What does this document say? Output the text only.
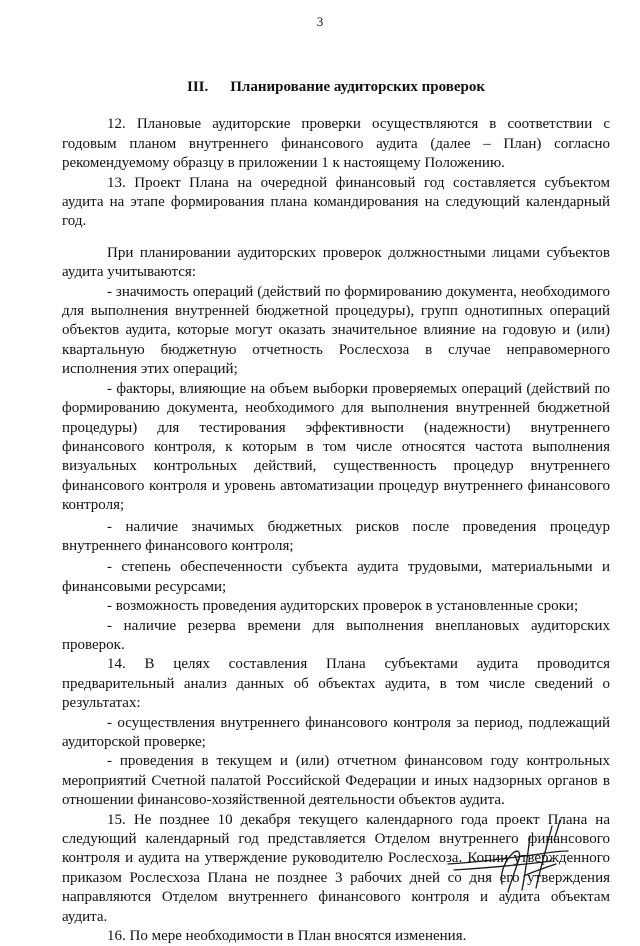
3
III. Планирование аудиторских проверок

12. Плановые аудиторские проверки осуществляются в соответствии с годовым планом внутреннего финансового аудита (далее – План) согласно рекомендуемому образцу в приложении 1 к настоящему Положению.

13. Проект Плана на очередной финансовый год составляется субъектом аудита на этапе формирования плана командирования на следующий календарный год.

При планировании аудиторских проверок должностными лицами субъектов аудита учитываются:

- значимость операций (действий по формированию документа, необходимого для выполнения внутренней бюджетной процедуры), групп однотипных операций объектов аудита, которые могут оказать значительное влияние на годовую и (или) квартальную бюджетную отчетность Рослесхоза в случае неправомерного исполнения этих операций;

- факторы, влияющие на объем выборки проверяемых операций (действий по формированию документа, необходимого для выполнения внутренней бюджетной процедуры) для тестирования эффективности (надежности) внутреннего финансового контроля, к которым в том числе относятся частота выполнения визуальных контрольных действий, существенность процедур внутреннего финансового контроля и уровень автоматизации процедур внутреннего финансового контроля;

- наличие значимых бюджетных рисков после проведения процедур внутреннего финансового контроля;

- степень обеспеченности субъекта аудита трудовыми, материальными и финансовыми ресурсами;

- возможность проведения аудиторских проверок в установленные сроки;

- наличие резерва времени для выполнения внеплановых аудиторских проверок.

14. В целях составления Плана субъектами аудита проводится предварительный анализ данных об объектах аудита, в том числе сведений о результатах:

- осуществления внутреннего финансового контроля за период, подлежащий аудиторской проверке;

- проведения в текущем и (или) отчетном финансовом году контрольных мероприятий Счетной палатой Российской Федерации и иных надзорных органов в отношении финансово-хозяйственной деятельности объектов аудита.

15. Не позднее 10 декабря текущего календарного года проект Плана на следующий календарный год представляется Отделом внутреннего финансового контроля и аудита на утверждение руководителю Рослесхоза. Копии утвержденного приказом Рослесхоза Плана не позднее 3 рабочих дней со дня его утверждения направляются Отделом внутреннего финансового контроля и аудита объектам аудита.

16. По мере необходимости в План вносятся изменения.
